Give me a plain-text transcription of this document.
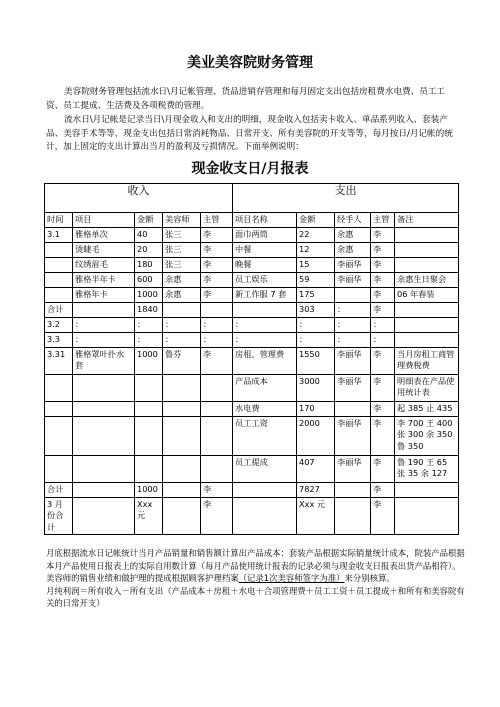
美业美容院财务管理

美容院财务管理包括流水日\月记帐管理、货品进销存管理和每月固定支出包括房租费水电费、员工工资、员工提成、生活费及各项税费的管理。

流水日\月记帐是记录当日\月现金收入和支出的明细，现金收入包括卖卡收入、单品系列收入、套装产品、美容手术等等，现金支出包括日常消耗物品、日常开支、所有美容院的开支等等，每月按日/月记帐的统计，加上固定的支出计算出当月的盈利及亏损情况。下面举例说明：

现金收支日/月报表
收入					支出				
时间	项目	金额	美容师	主管	项目名称	金额	经手人	主管	备注
3.1	雅格单次	40	张三	李	面巾两筒	22	余惠	李	
	烫睫毛	20	张三	李	中餐	12	余惠	李	
	纹绣眉毛	180	张三	李	晚餐	15	李丽华	李	
	雅格半年卡	600	余惠	李	员工娱乐	59	李丽华	李	余惠生日聚会
	雅格年卡	1000	余惠	李	新工作服 7 套	175		李	06 年春装
合计		1840				303	：	李	
3.2	：	：	：	：	：	：	：	：	
3.3	：	：	：	：	：	：	：	：	
3.31	雅格罩叶扑水套	1000	鲁芬	李	房租、管理费	1550	李丽华	李	当月房租工商管理费税费
					产品成本	3000	李丽华	李	明细表在产品使用统计表
					水电费	170		李	起 385 止 435
					员工工资	2000	李丽华	李	李 700 王 400 张 300 余 350 鲁 350
					员工提成	407	李丽华	李	鲁 190 王 65 张 35 余 127
合计		1000		李		7827		李	
3 月份合计		Xxx 元		李		Xxx 元		李	

月底根据流水日记帐统计当月产品销量和销售额计算出产品成本：套装产品根据实际销量统计成本，院装产品根据本月产品使用日报表上的实际自用数计算（每月产品使用统计报表的记录必须与现金收支日报表出货产品相符）。美容师的销售业绩和做护理的提成根据顾客护理档案（记录1次美容师签字为准）来分别核算。

月纯利润＝所有收入－所有支出（产品成本＋房租＋水电＋合项管理费＋员工工资＋员工提成＋和所有和美容院有关的日常开支）
